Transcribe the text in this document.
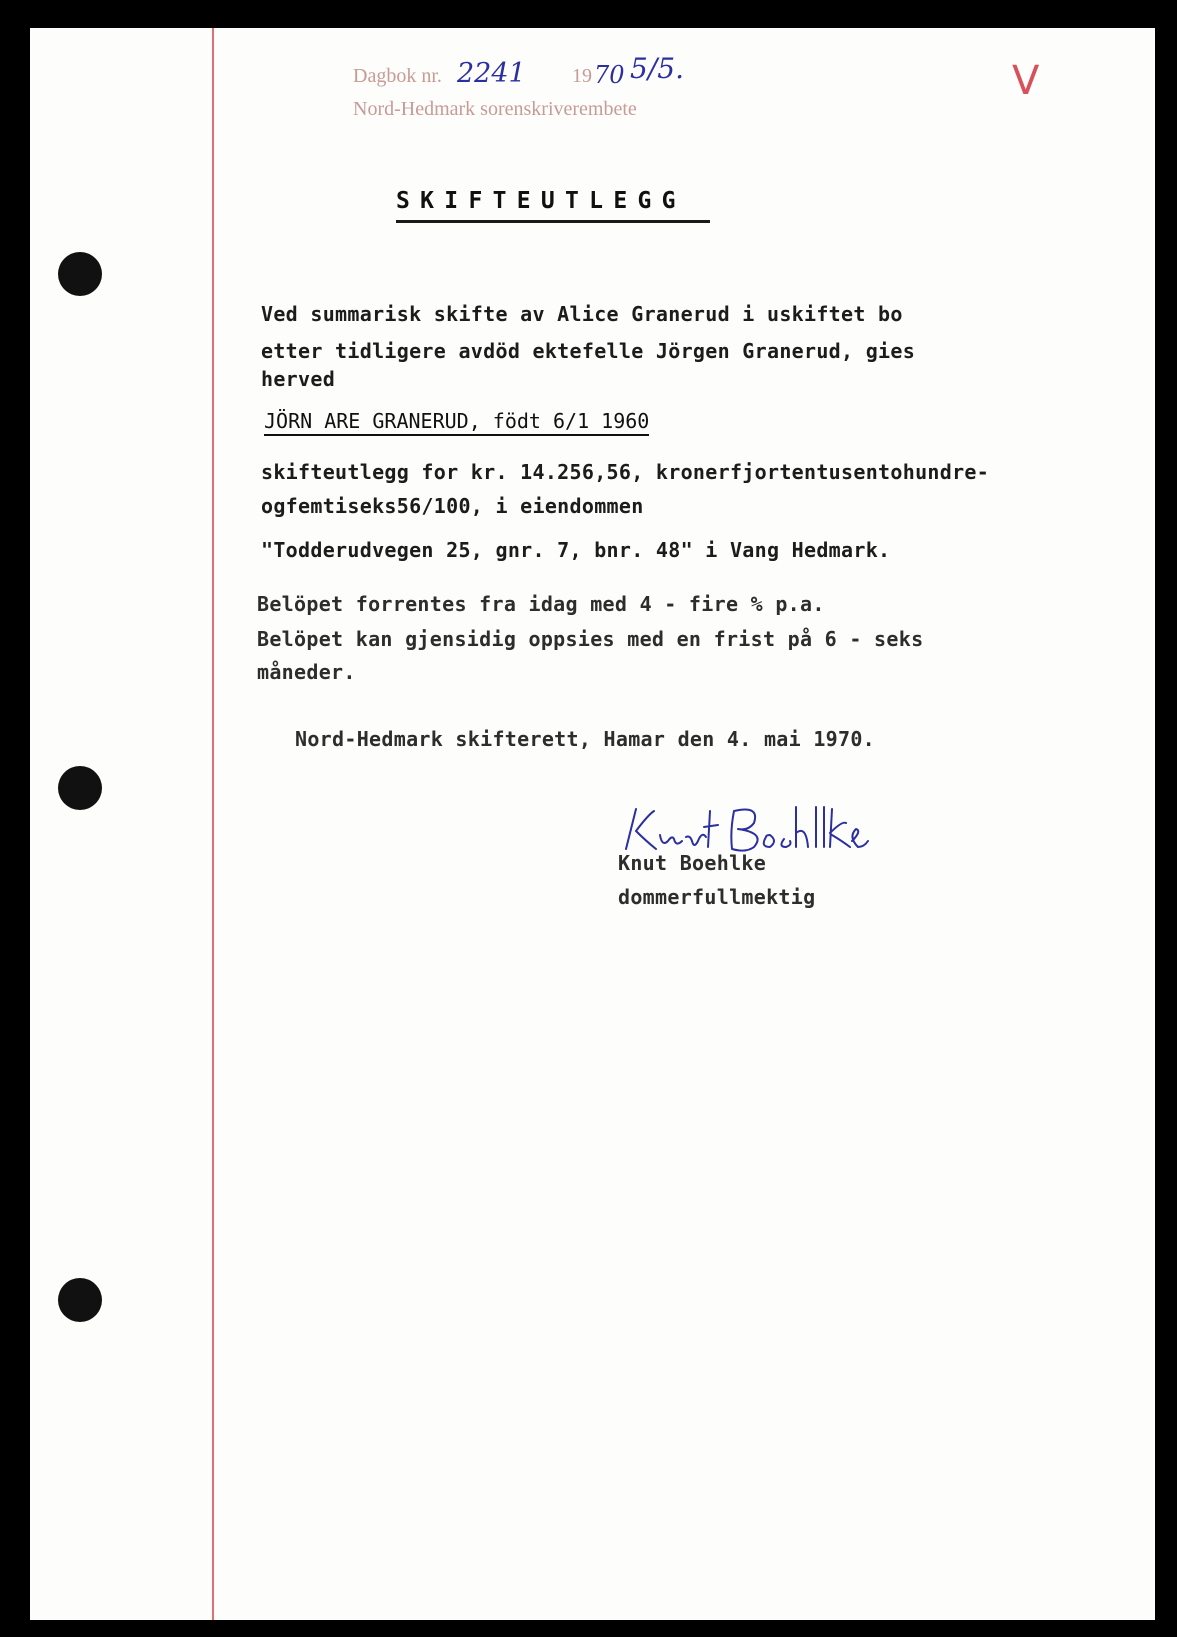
Dagbok nr. 2241 19 70 5/5.
Nord-Hedmark sorenskriverembete
V
SKIFTEUTLEGG
Ved summarisk skifte av Alice Granerud i uskiftet bo
etter tidligere avdöd ektefelle Jörgen Granerud, gies
herved
JÖRN ARE GRANERUD, födt 6/1 1960
skifteutlegg for kr. 14.256,56, kronerfjortentusentohundre-
ogfemtiseks56/100, i eiendommen
"Todderudvegen 25, gnr. 7, bnr. 48" i Vang Hedmark.
Belöpet forrentes fra idag med 4 - fire % p.a.
Belöpet kan gjensidig oppsies med en frist på 6 - seks
måneder.
Nord-Hedmark skifterett, Hamar den 4. mai 1970.
Knut Boehlke
Knut Boehlke
dommerfullmektig
